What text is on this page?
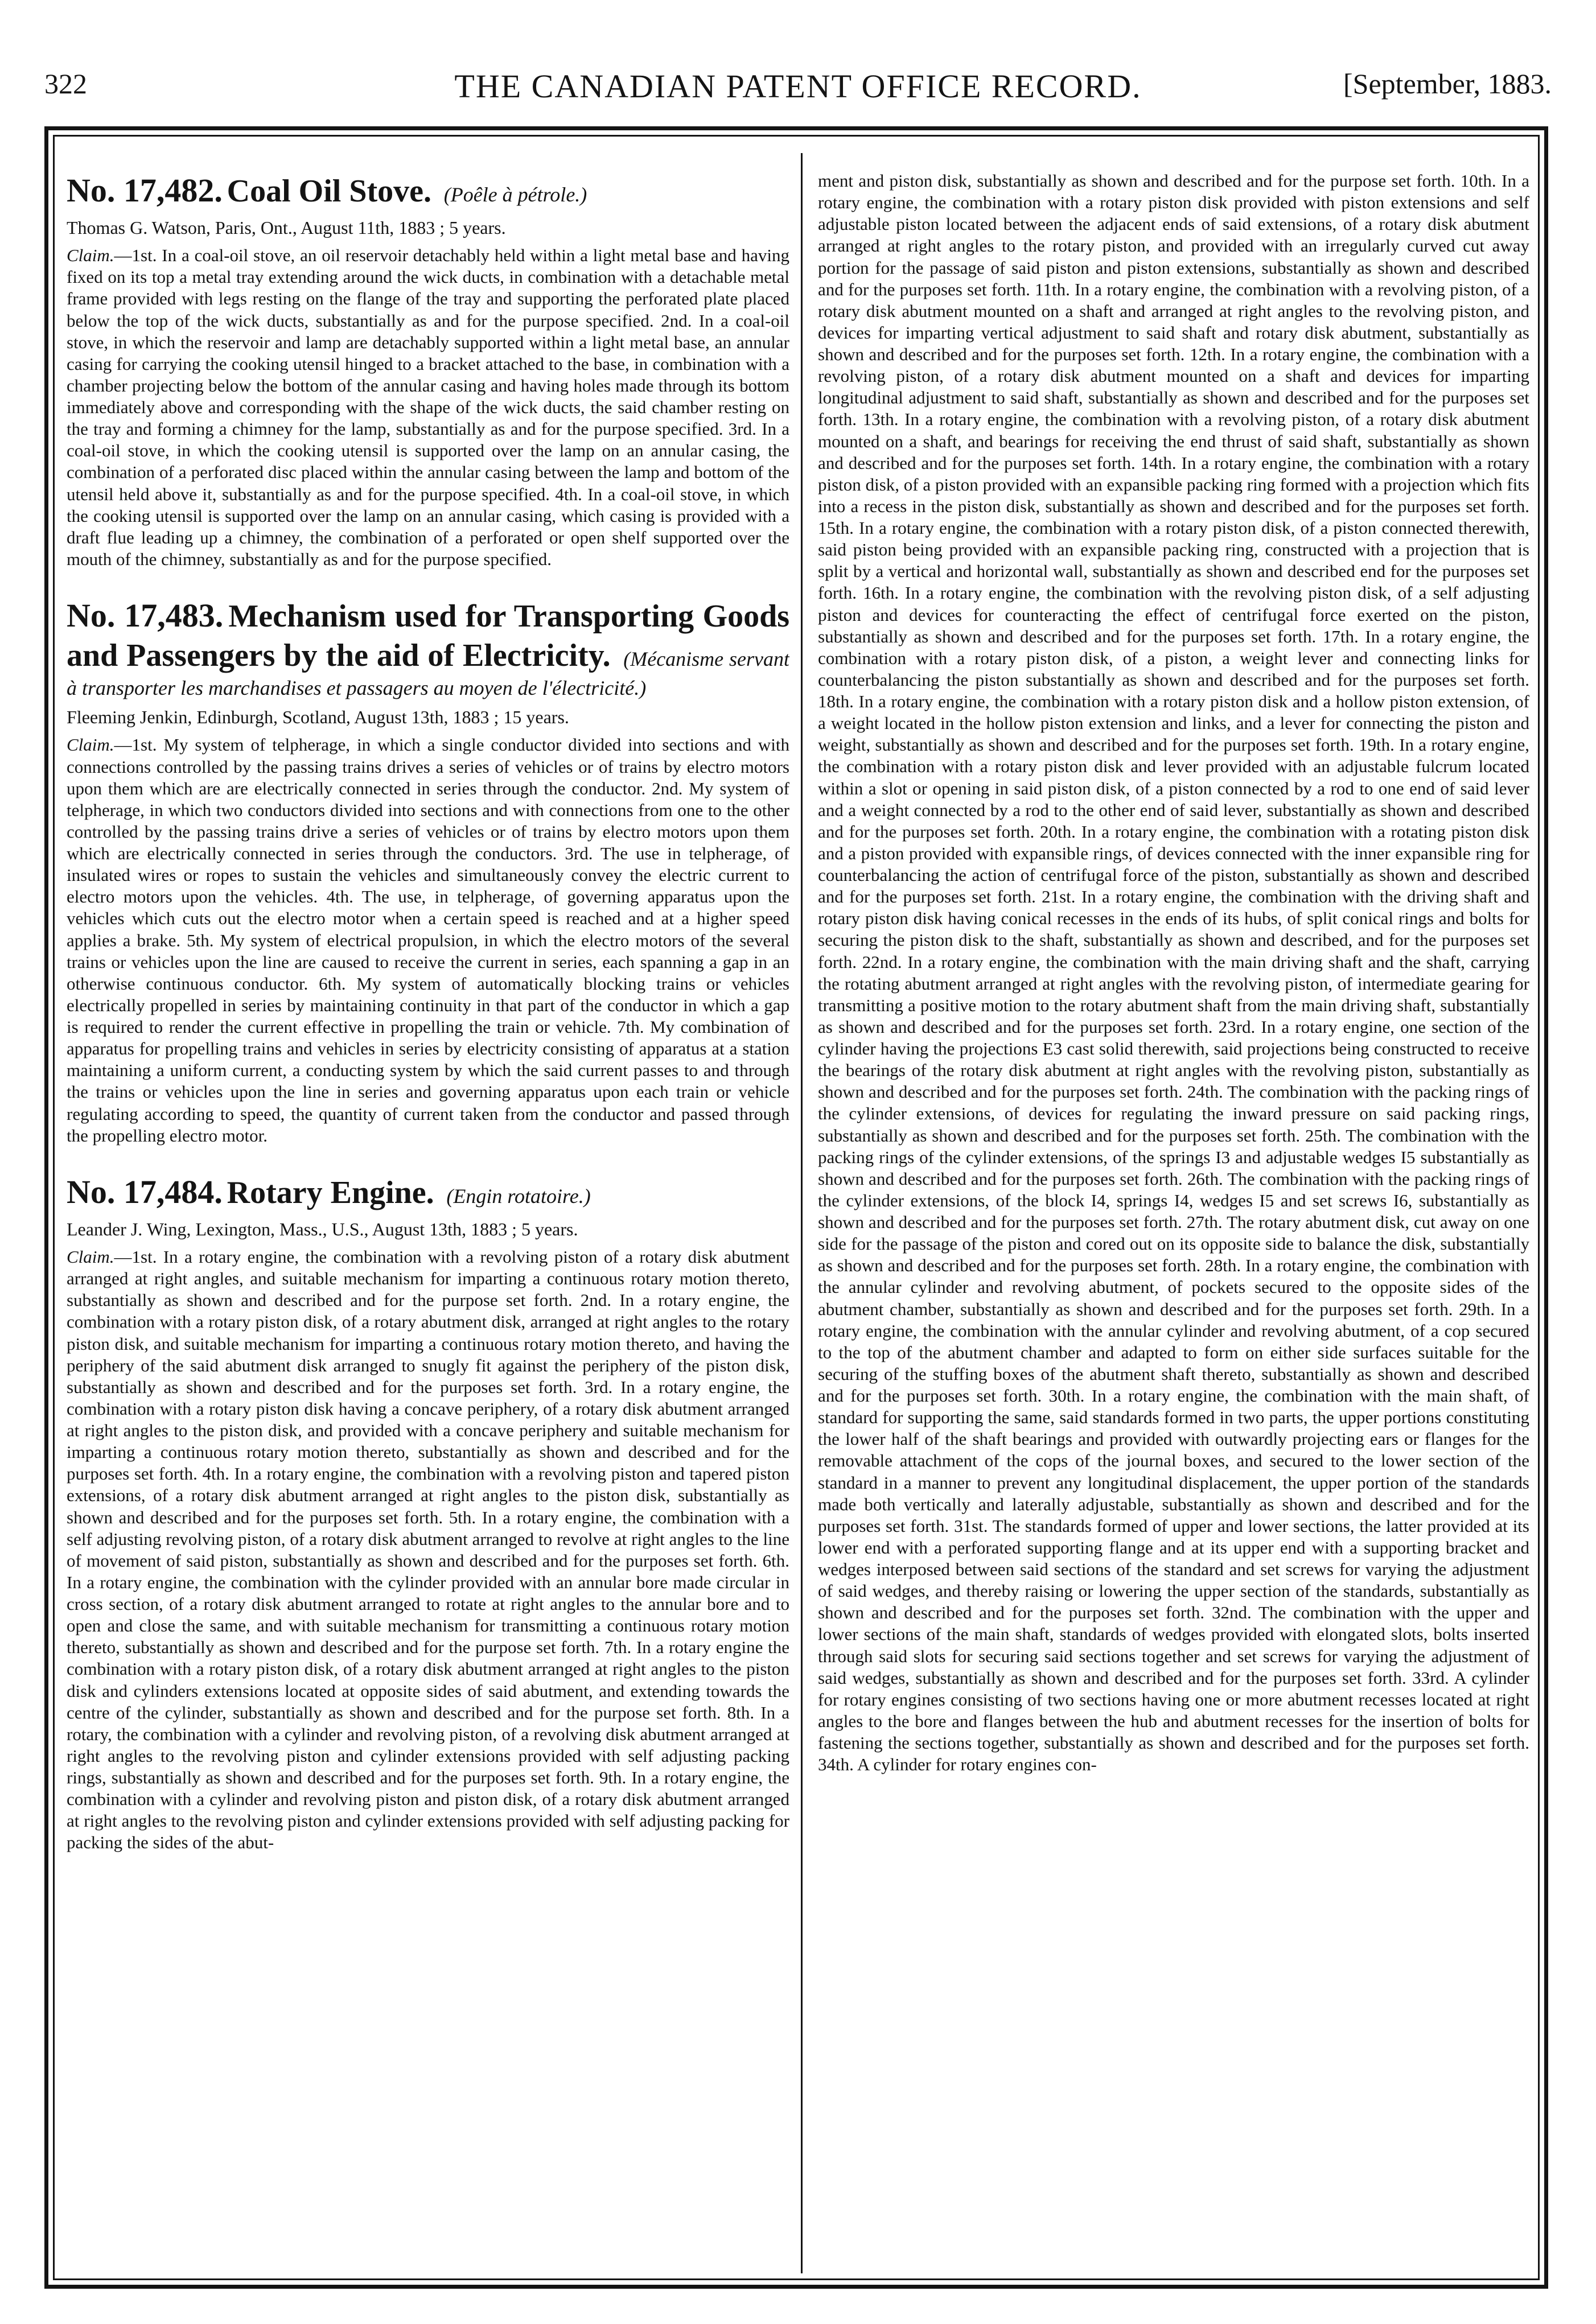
322	THE CANADIAN PATENT OFFICE RECORD.	[September, 1883.

No. 17,482. Coal Oil Stove. (Poêle à pétrole.)

Thomas G. Watson, Paris, Ont., August 11th, 1883 ; 5 years.

Claim.—1st. In a coal-oil stove, an oil reservoir detachably held within a light metal base and having fixed on its top a metal tray extending around the wick ducts, in combination with a detachable metal frame provided with legs resting on the flange of the tray and supporting the perforated plate placed below the top of the wick ducts, substantially as and for the purpose specified. 2nd. In a coal-oil stove, in which the reservoir and lamp are detachably supported within a light metal base, an annular casing for carrying the cooking utensil hinged to a bracket attached to the base, in combination with a chamber projecting below the bottom of the annular casing and having holes made through its bottom immediately above and corresponding with the shape of the wick ducts, the said chamber resting on the tray and forming a chimney for the lamp, substantially as and for the purpose specified. 3rd. In a coal-oil stove, in which the cooking utensil is supported over the lamp on an annular casing, the combination of a perforated disc placed within the annular casing between the lamp and bottom of the utensil held above it, substantially as and for the purpose specified. 4th. In a coal-oil stove, in which the cooking utensil is supported over the lamp on an annular casing, which casing is provided with a draft flue leading up a chimney, the combination of a perforated or open shelf supported over the mouth of the chimney, substantially as and for the purpose specified.

No. 17,483. Mechanism used for Transporting Goods and Passengers by the aid of Electricity. (Mécanisme servant à transporter les marchandises et passagers au moyen de l'électricité.)

Fleeming Jenkin, Edinburgh, Scotland, August 13th, 1883 ; 15 years.

Claim.—1st. My system of telpherage, in which a single conductor divided into sections and with connections controlled by the passing trains drives a series of vehicles or of trains by electro motors upon them which are are electrically connected in series through the conductor. 2nd. My system of telpherage, in which two conductors divided into sections and with connections from one to the other controlled by the passing trains drive a series of vehicles or of trains by electro motors upon them which are electrically connected in series through the conductors. 3rd. The use in telpherage, of insulated wires or ropes to sustain the vehicles and simultaneously convey the electric current to electro motors upon the vehicles. 4th. The use, in telpherage, of governing apparatus upon the vehicles which cuts out the electro motor when a certain speed is reached and at a higher speed applies a brake. 5th. My system of electrical propulsion, in which the electro motors of the several trains or vehicles upon the line are caused to receive the current in series, each spanning a gap in an otherwise continuous conductor. 6th. My system of automatically blocking trains or vehicles electrically propelled in series by maintaining continuity in that part of the conductor in which a gap is required to render the current effective in propelling the train or vehicle. 7th. My combination of apparatus for propelling trains and vehicles in series by electricity consisting of apparatus at a station maintaining a uniform current, a conducting system by which the said current passes to and through the trains or vehicles upon the line in series and governing apparatus upon each train or vehicle regulating according to speed, the quantity of current taken from the conductor and passed through the propelling electro motor.

No. 17,484. Rotary Engine. (Engin rotatoire.)

Leander J. Wing, Lexington, Mass., U.S., August 13th, 1883 ; 5 years.

Claim.—1st. In a rotary engine, the combination with a revolving piston of a rotary disk abutment arranged at right angles, and suitable mechanism for imparting a continuous rotary motion thereto, substantially as shown and described and for the purpose set forth. 2nd. In a rotary engine, the combination with a rotary piston disk, of a rotary abutment disk, arranged at right angles to the rotary piston disk, and suitable mechanism for imparting a continuous rotary motion thereto, and having the periphery of the said abutment disk arranged to snugly fit against the periphery of the piston disk, substantially as shown and described and for the purposes set forth. 3rd. In a rotary engine, the combination with a rotary piston disk having a concave periphery, of a rotary disk abutment arranged at right angles to the piston disk, and provided with a concave periphery and suitable mechanism for imparting a continuous rotary motion thereto, substantially as shown and described and for the purposes set forth. 4th. In a rotary engine, the combination with a revolving piston and tapered piston extensions, of a rotary disk abutment arranged at right angles to the piston disk, substantially as shown and described and for the purposes set forth. 5th. In a rotary engine, the combination with a self adjusting revolving piston, of a rotary disk abutment arranged to revolve at right angles to the line of movement of said piston, substantially as shown and described and for the purposes set forth. 6th. In a rotary engine, the combination with the cylinder provided with an annular bore made circular in cross section, of a rotary disk abutment arranged to rotate at right angles to the annular bore and to open and close the same, and with suitable mechanism for transmitting a continuous rotary motion thereto, substantially as shown and described and for the purpose set forth. 7th. In a rotary engine the combination with a rotary piston disk, of a rotary disk abutment arranged at right angles to the piston disk and cylinders extensions located at opposite sides of said abutment, and extending towards the centre of the cylinder, substantially as shown and described and for the purpose set forth. 8th. In a rotary, the combination with a cylinder and revolving piston, of a revolving disk abutment arranged at right angles to the revolving piston and cylinder extensions provided with self adjusting packing rings, substantially as shown and described and for the purposes set forth. 9th. In a rotary engine, the combination with a cylinder and revolving piston and piston disk, of a rotary disk abutment arranged at right angles to the revolving piston and cylinder extensions provided with self adjusting packing for packing the sides of the abut-

ment and piston disk, substantially as shown and described and for the purpose set forth. 10th. In a rotary engine, the combination with a rotary piston disk provided with piston extensions and self adjustable piston located between the adjacent ends of said extensions, of a rotary disk abutment arranged at right angles to the rotary piston, and provided with an irregularly curved cut away portion for the passage of said piston and piston extensions, substantially as shown and described and for the purposes set forth. 11th. In a rotary engine, the combination with a revolving piston, of a rotary disk abutment mounted on a shaft and arranged at right angles to the revolving piston, and devices for imparting vertical adjustment to said shaft and rotary disk abutment, substantially as shown and described and for the purposes set forth. 12th. In a rotary engine, the combination with a revolving piston, of a rotary disk abutment mounted on a shaft and devices for imparting longitudinal adjustment to said shaft, substantially as shown and described and for the purposes set forth. 13th. In a rotary engine, the combination with a revolving piston, of a rotary disk abutment mounted on a shaft, and bearings for receiving the end thrust of said shaft, substantially as shown and described and for the purposes set forth. 14th. In a rotary engine, the combination with a rotary piston disk, of a piston provided with an expansible packing ring formed with a projection which fits into a recess in the piston disk, substantially as shown and described and for the purposes set forth. 15th. In a rotary engine, the combination with a rotary piston disk, of a piston connected therewith, said piston being provided with an expansible packing ring, constructed with a projection that is split by a vertical and horizontal wall, substantially as shown and described end for the purposes set forth. 16th. In a rotary engine, the combination with the revolving piston disk, of a self adjusting piston and devices for counteracting the effect of centrifugal force exerted on the piston, substantially as shown and described and for the purposes set forth. 17th. In a rotary engine, the combination with a rotary piston disk, of a piston, a weight lever and connecting links for counterbalancing the piston substantially as shown and described and for the purposes set forth. 18th. In a rotary engine, the combination with a rotary piston disk and a hollow piston extension, of a weight located in the hollow piston extension and links, and a lever for connecting the piston and weight, substantially as shown and described and for the purposes set forth. 19th. In a rotary engine, the combination with a rotary piston disk and lever provided with an adjustable fulcrum located within a slot or opening in said piston disk, of a piston connected by a rod to one end of said lever and a weight connected by a rod to the other end of said lever, substantially as shown and described and for the purposes set forth. 20th. In a rotary engine, the combination with a rotating piston disk and a piston provided with expansible rings, of devices connected with the inner expansible ring for counterbalancing the action of centrifugal force of the piston, substantially as shown and described and for the purposes set forth. 21st. In a rotary engine, the combination with the driving shaft and rotary piston disk having conical recesses in the ends of its hubs, of split conical rings and bolts for securing the piston disk to the shaft, substantially as shown and described, and for the purposes set forth. 22nd. In a rotary engine, the combination with the main driving shaft and the shaft, carrying the rotating abutment arranged at right angles with the revolving piston, of intermediate gearing for transmitting a positive motion to the rotary abutment shaft from the main driving shaft, substantially as shown and described and for the purposes set forth. 23rd. In a rotary engine, one section of the cylinder having the projections E3 cast solid therewith, said projections being constructed to receive the bearings of the rotary disk abutment at right angles with the revolving piston, substantially as shown and described and for the purposes set forth. 24th. The combination with the packing rings of the cylinder extensions, of devices for regulating the inward pressure on said packing rings, substantially as shown and described and for the purposes set forth. 25th. The combination with the packing rings of the cylinder extensions, of the springs I3 and adjustable wedges I5 substantially as shown and described and for the purposes set forth. 26th. The combination with the packing rings of the cylinder extensions, of the block I4, springs I4, wedges I5 and set screws I6, substantially as shown and described and for the purposes set forth. 27th. The rotary abutment disk, cut away on one side for the passage of the piston and cored out on its opposite side to balance the disk, substantially as shown and described and for the purposes set forth. 28th. In a rotary engine, the combination with the annular cylinder and revolving abutment, of pockets secured to the opposite sides of the abutment chamber, substantially as shown and described and for the purposes set forth. 29th. In a rotary engine, the combination with the annular cylinder and revolving abutment, of a cop secured to the top of the abutment chamber and adapted to form on either side surfaces suitable for the securing of the stuffing boxes of the abutment shaft thereto, substantially as shown and described and for the purposes set forth. 30th. In a rotary engine, the combination with the main shaft, of standard for supporting the same, said standards formed in two parts, the upper portions constituting the lower half of the shaft bearings and provided with outwardly projecting ears or flanges for the removable attachment of the cops of the journal boxes, and secured to the lower section of the standard in a manner to prevent any longitudinal displacement, the upper portion of the standards made both vertically and laterally adjustable, substantially as shown and described and for the purposes set forth. 31st. The standards formed of upper and lower sections, the latter provided at its lower end with a perforated supporting flange and at its upper end with a supporting bracket and wedges interposed between said sections of the standard and set screws for varying the adjustment of said wedges, and thereby raising or lowering the upper section of the standards, substantially as shown and described and for the purposes set forth. 32nd. The combination with the upper and lower sections of the main shaft, standards of wedges provided with elongated slots, bolts inserted through said slots for securing said sections together and set screws for varying the adjustment of said wedges, substantially as shown and described and for the purposes set forth. 33rd. A cylinder for rotary engines consisting of two sections having one or more abutment recesses located at right angles to the bore and flanges between the hub and abutment recesses for the insertion of bolts for fastening the sections together, substantially as shown and described and for the purposes set forth. 34th. A cylinder for rotary engines con-
